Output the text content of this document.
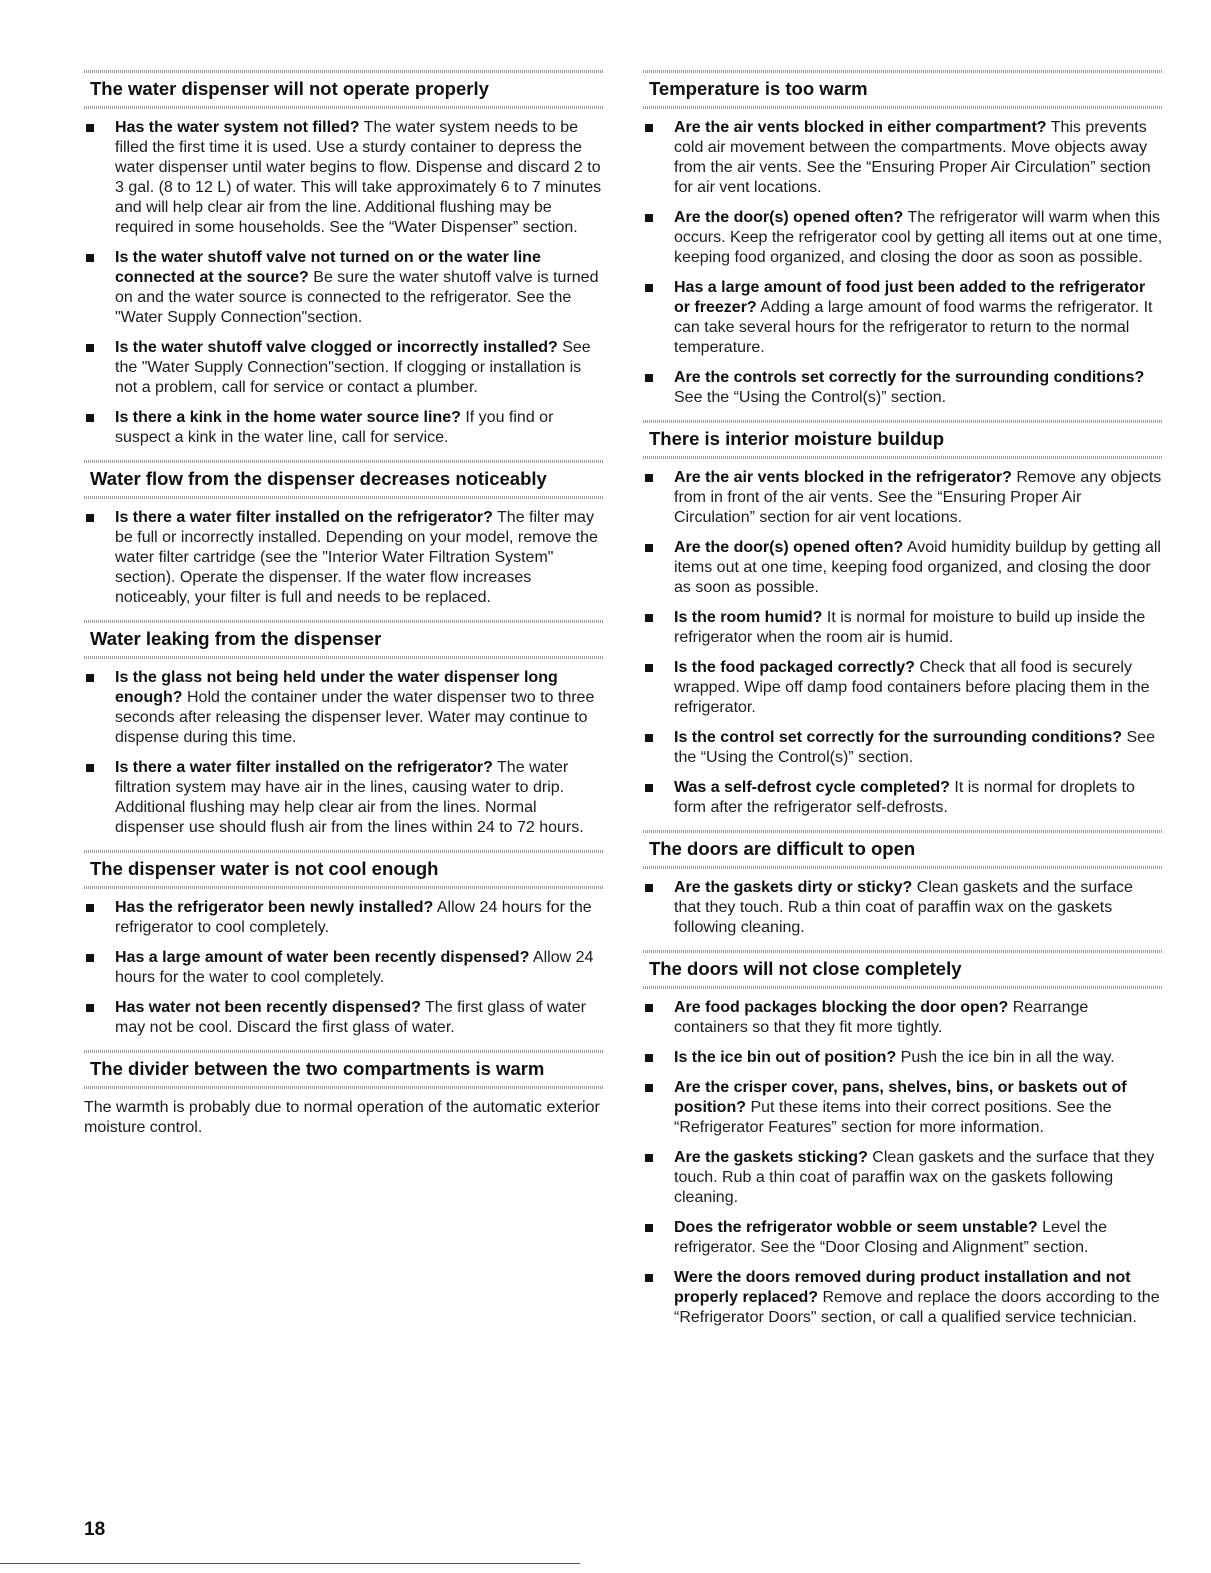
The water dispenser will not operate properly
Has the water system not filled? The water system needs to be filled the first time it is used. Use a sturdy container to depress the water dispenser until water begins to flow. Dispense and discard 2 to 3 gal. (8 to 12 L) of water. This will take approximately 6 to 7 minutes and will help clear air from the line. Additional flushing may be required in some households. See the “Water Dispenser” section.
Is the water shutoff valve not turned on or the water line connected at the source? Be sure the water shutoff valve is turned on and the water source is connected to the refrigerator. See the "Water Supply Connection"section.
Is the water shutoff valve clogged or incorrectly installed? See the "Water Supply Connection"section. If clogging or installation is not a problem, call for service or contact a plumber.
Is there a kink in the home water source line? If you find or suspect a kink in the water line, call for service.
Water flow from the dispenser decreases noticeably
Is there a water filter installed on the refrigerator? The filter may be full or incorrectly installed. Depending on your model, remove the water filter cartridge (see the "Interior Water Filtration System" section). Operate the dispenser. If the water flow increases noticeably, your filter is full and needs to be replaced.
Water leaking from the dispenser
Is the glass not being held under the water dispenser long enough? Hold the container under the water dispenser two to three seconds after releasing the dispenser lever. Water may continue to dispense during this time.
Is there a water filter installed on the refrigerator? The water filtration system may have air in the lines, causing water to drip. Additional flushing may help clear air from the lines. Normal dispenser use should flush air from the lines within 24 to 72 hours.
The dispenser water is not cool enough
Has the refrigerator been newly installed? Allow 24 hours for the refrigerator to cool completely.
Has a large amount of water been recently dispensed? Allow 24 hours for the water to cool completely.
Has water not been recently dispensed? The first glass of water may not be cool. Discard the first glass of water.
The divider between the two compartments is warm

The warmth is probably due to normal operation of the automatic exterior moisture control.

Temperature is too warm
Are the air vents blocked in either compartment? This prevents cold air movement between the compartments. Move objects away from the air vents. See the “Ensuring Proper Air Circulation” section for air vent locations.
Are the door(s) opened often? The refrigerator will warm when this occurs. Keep the refrigerator cool by getting all items out at one time, keeping food organized, and closing the door as soon as possible.
Has a large amount of food just been added to the refrigerator or freezer? Adding a large amount of food warms the refrigerator. It can take several hours for the refrigerator to return to the normal temperature.
Are the controls set correctly for the surrounding conditions? See the “Using the Control(s)” section.
There is interior moisture buildup
Are the air vents blocked in the refrigerator? Remove any objects from in front of the air vents. See the “Ensuring Proper Air Circulation” section for air vent locations.
Are the door(s) opened often? Avoid humidity buildup by getting all items out at one time, keeping food organized, and closing the door as soon as possible.
Is the room humid? It is normal for moisture to build up inside the refrigerator when the room air is humid.
Is the food packaged correctly? Check that all food is securely wrapped. Wipe off damp food containers before placing them in the refrigerator.
Is the control set correctly for the surrounding conditions? See the “Using the Control(s)” section.
Was a self-defrost cycle completed? It is normal for droplets to form after the refrigerator self-defrosts.
The doors are difficult to open
Are the gaskets dirty or sticky? Clean gaskets and the surface that they touch. Rub a thin coat of paraffin wax on the gaskets following cleaning.
The doors will not close completely
Are food packages blocking the door open? Rearrange containers so that they fit more tightly.
Is the ice bin out of position? Push the ice bin in all the way.
Are the crisper cover, pans, shelves, bins, or baskets out of position? Put these items into their correct positions. See the “Refrigerator Features” section for more information.
Are the gaskets sticking? Clean gaskets and the surface that they touch. Rub a thin coat of paraffin wax on the gaskets following cleaning.
Does the refrigerator wobble or seem unstable? Level the refrigerator. See the “Door Closing and Alignment” section.
Were the doors removed during product installation and not properly replaced? Remove and replace the doors according to the “Refrigerator Doors" section, or call a qualified service technician.
18
